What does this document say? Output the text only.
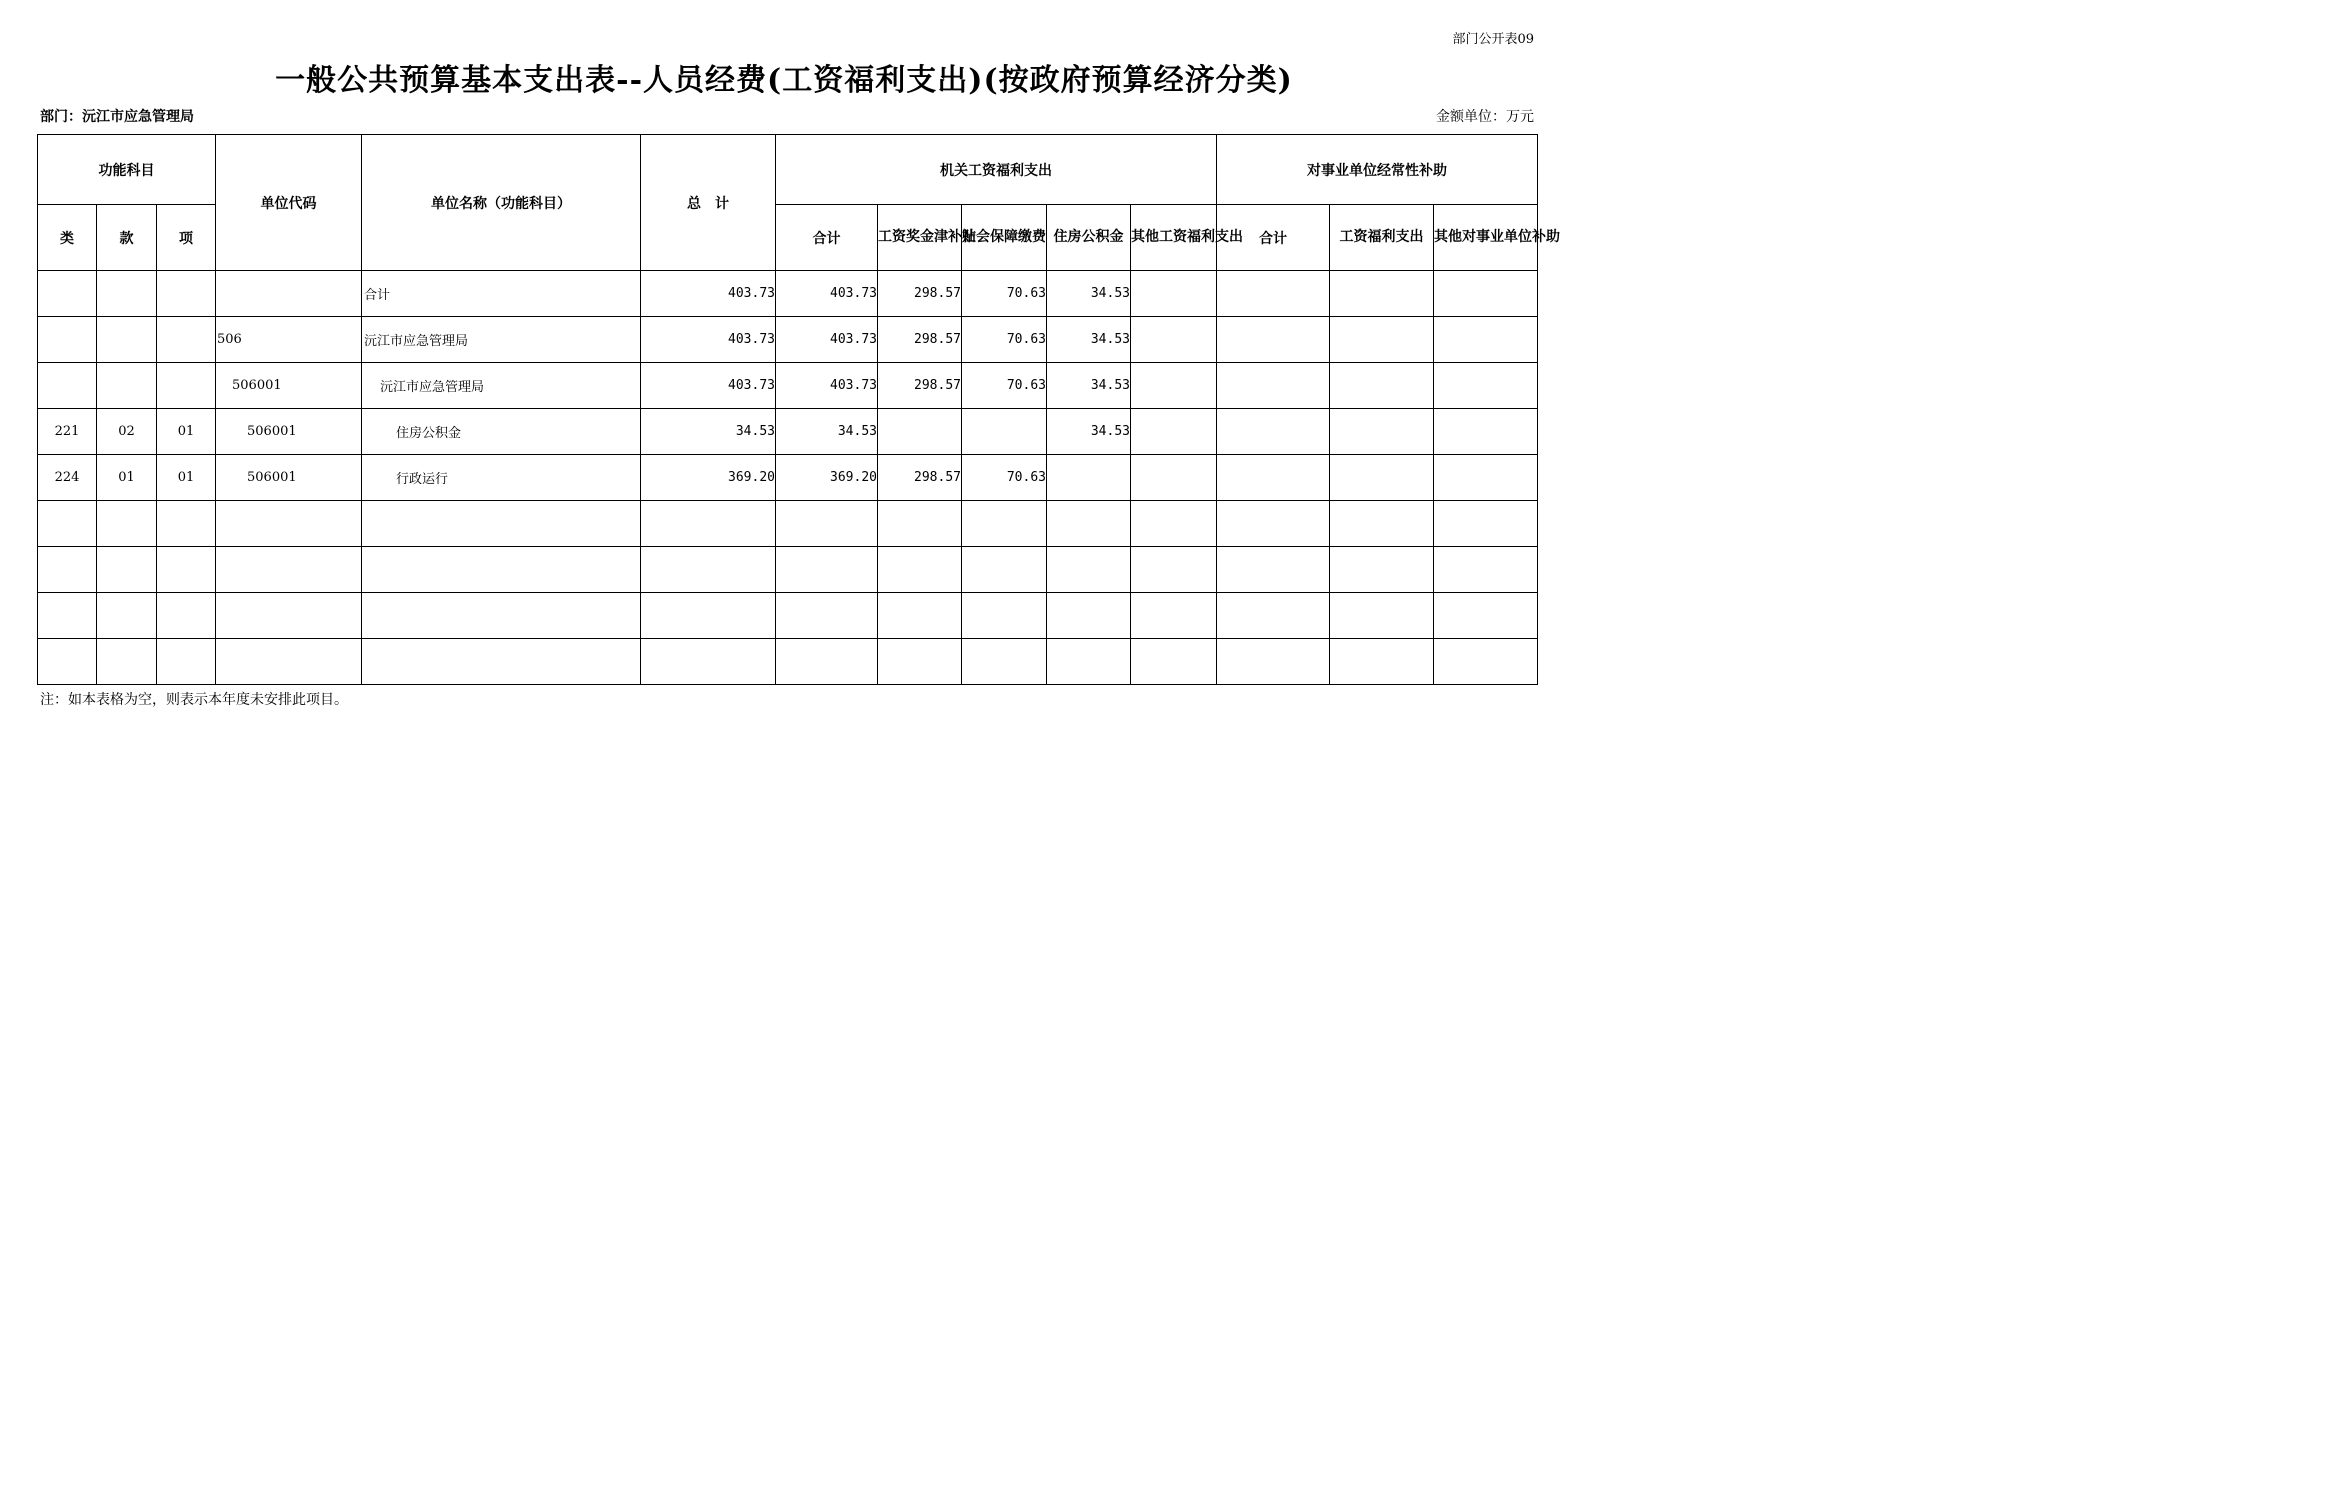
部门公开表09
一般公共预算基本支出表--人员经费(工资福利支出)(按政府预算经济分类)
部门：沅江市应急管理局	金额单位：万元
功能科目			单位代码	单位名称（功能科目）	总　计	机关工资福利支出					对事业单位经常性补助		
类	款	项				合计	工资奖金津补贴	社会保障缴费	住房公积金	其他工资福利支出	合计	工资福利支出	其他对事业单位补助
				合计	403.73	403.73	298.57	70.63	34.53				
			506	沅江市应急管理局	403.73	403.73	298.57	70.63	34.53				
			506001	沅江市应急管理局	403.73	403.73	298.57	70.63	34.53				
221	02	01	506001	住房公积金	34.53	34.53			34.53				
224	01	01	506001	行政运行	369.20	369.20	298.57	70.63					

注：如本表格为空，则表示本年度未安排此项目。
